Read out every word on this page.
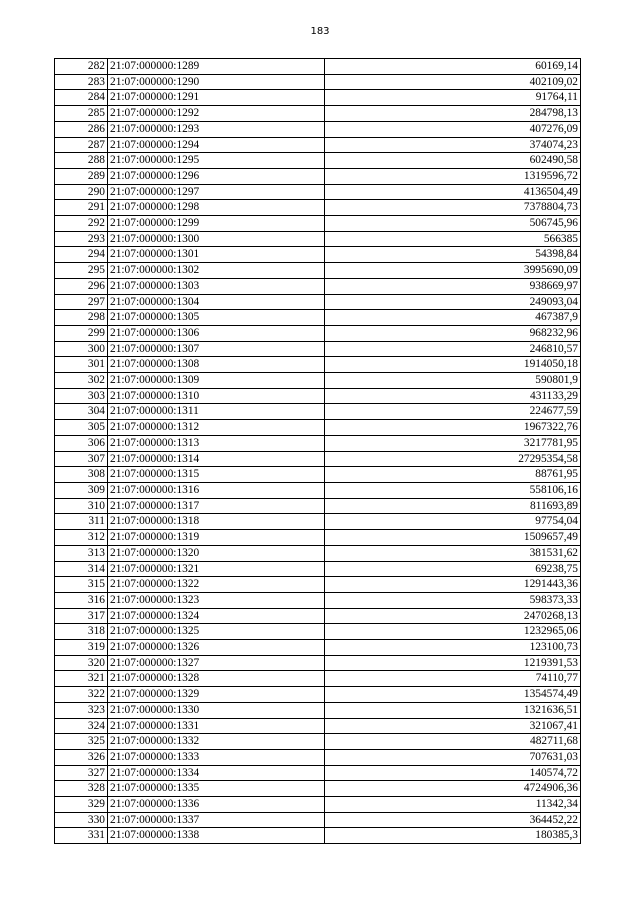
183
282	21:07:000000:1289	60169,14
283	21:07:000000:1290	402109,02
284	21:07:000000:1291	91764,11
285	21:07:000000:1292	284798,13
286	21:07:000000:1293	407276,09
287	21:07:000000:1294	374074,23
288	21:07:000000:1295	602490,58
289	21:07:000000:1296	1319596,72
290	21:07:000000:1297	4136504,49
291	21:07:000000:1298	7378804,73
292	21:07:000000:1299	506745,96
293	21:07:000000:1300	566385
294	21:07:000000:1301	54398,84
295	21:07:000000:1302	3995690,09
296	21:07:000000:1303	938669,97
297	21:07:000000:1304	249093,04
298	21:07:000000:1305	467387,9
299	21:07:000000:1306	968232,96
300	21:07:000000:1307	246810,57
301	21:07:000000:1308	1914050,18
302	21:07:000000:1309	590801,9
303	21:07:000000:1310	431133,29
304	21:07:000000:1311	224677,59
305	21:07:000000:1312	1967322,76
306	21:07:000000:1313	3217781,95
307	21:07:000000:1314	27295354,58
308	21:07:000000:1315	88761,95
309	21:07:000000:1316	558106,16
310	21:07:000000:1317	811693,89
311	21:07:000000:1318	97754,04
312	21:07:000000:1319	1509657,49
313	21:07:000000:1320	381531,62
314	21:07:000000:1321	69238,75
315	21:07:000000:1322	1291443,36
316	21:07:000000:1323	598373,33
317	21:07:000000:1324	2470268,13
318	21:07:000000:1325	1232965,06
319	21:07:000000:1326	123100,73
320	21:07:000000:1327	1219391,53
321	21:07:000000:1328	74110,77
322	21:07:000000:1329	1354574,49
323	21:07:000000:1330	1321636,51
324	21:07:000000:1331	321067,41
325	21:07:000000:1332	482711,68
326	21:07:000000:1333	707631,03
327	21:07:000000:1334	140574,72
328	21:07:000000:1335	4724906,36
329	21:07:000000:1336	11342,34
330	21:07:000000:1337	364452,22
331	21:07:000000:1338	180385,3
